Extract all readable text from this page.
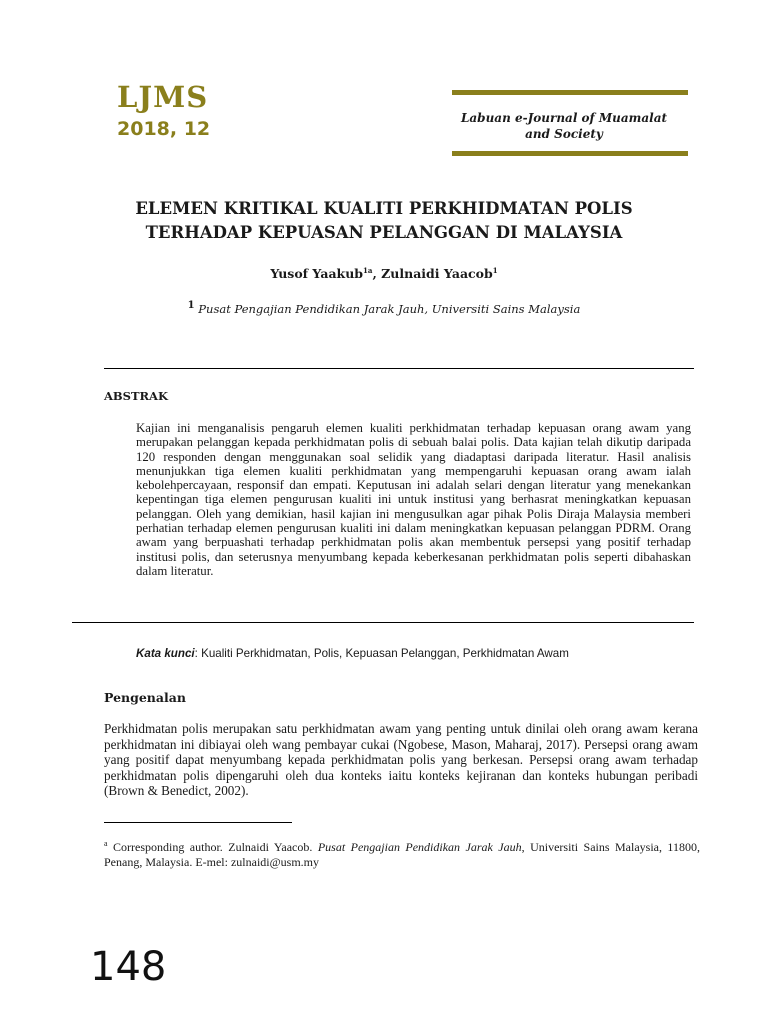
LJMS
2018, 12	Labuan e-Journal of Muamalat
and Society
ELEMEN KRITIKAL KUALITI PERKHIDMATAN POLIS
TERHADAP KEPUASAN PELANGGAN DI MALAYSIA
Yusof Yaakub$^{1a}$, Zulnaidi Yaacob$^1$
$^1$ Pusat Pengajian Pendidikan Jarak Jauh, Universiti Sains Malaysia
ABSTRAK
Kajian ini menganalisis pengaruh elemen kualiti perkhidmatan terhadap kepuasan orang awam yang merupakan pelanggan kepada perkhidmatan polis di sebuah balai polis. Data kajian telah dikutip daripada 120 responden dengan menggunakan soal selidik yang diadaptasi daripada literatur. Hasil analisis menunjukkan tiga elemen kualiti perkhidmatan yang mempengaruhi kepuasan orang awam ialah kebolehpercayaan, responsif dan empati. Keputusan ini adalah selari dengan literatur yang menekankan kepentingan tiga elemen pengurusan kualiti ini untuk institusi yang berhasrat meningkatkan kepuasan pelanggan. Oleh yang demikian, hasil kajian ini mengusulkan agar pihak Polis Diraja Malaysia memberi perhatian terhadap elemen pengurusan kualiti ini dalam meningkatkan kepuasan pelanggan PDRM. Orang awam yang berpuashati terhadap perkhidmatan polis akan membentuk persepsi yang positif terhadap institusi polis, dan seterusnya menyumbang kepada keberkesanan perkhidmatan polis seperti dibahaskan dalam literatur.
Kata kunci: Kualiti Perkhidmatan, Polis, Kepuasan Pelanggan, Perkhidmatan Awam
Pengenalan
Perkhidmatan polis merupakan satu perkhidmatan awam yang penting untuk dinilai oleh orang awam kerana perkhidmatan ini dibiayai oleh wang pembayar cukai (Ngobese, Mason, Maharaj, 2017). Persepsi orang awam yang positif dapat menyumbang kepada perkhidmatan polis yang berkesan. Persepsi orang awam terhadap perkhidmatan polis dipengaruhi oleh dua konteks iaitu konteks kejiranan dan konteks hubungan peribadi (Brown & Benedict, 2002).
$^a$ Corresponding author. Zulnaidi Yaacob. Pusat Pengajian Pendidikan Jarak Jauh, Universiti Sains Malaysia, 11800, Penang, Malaysia. E-mel: zulnaidi@usm.my
148
